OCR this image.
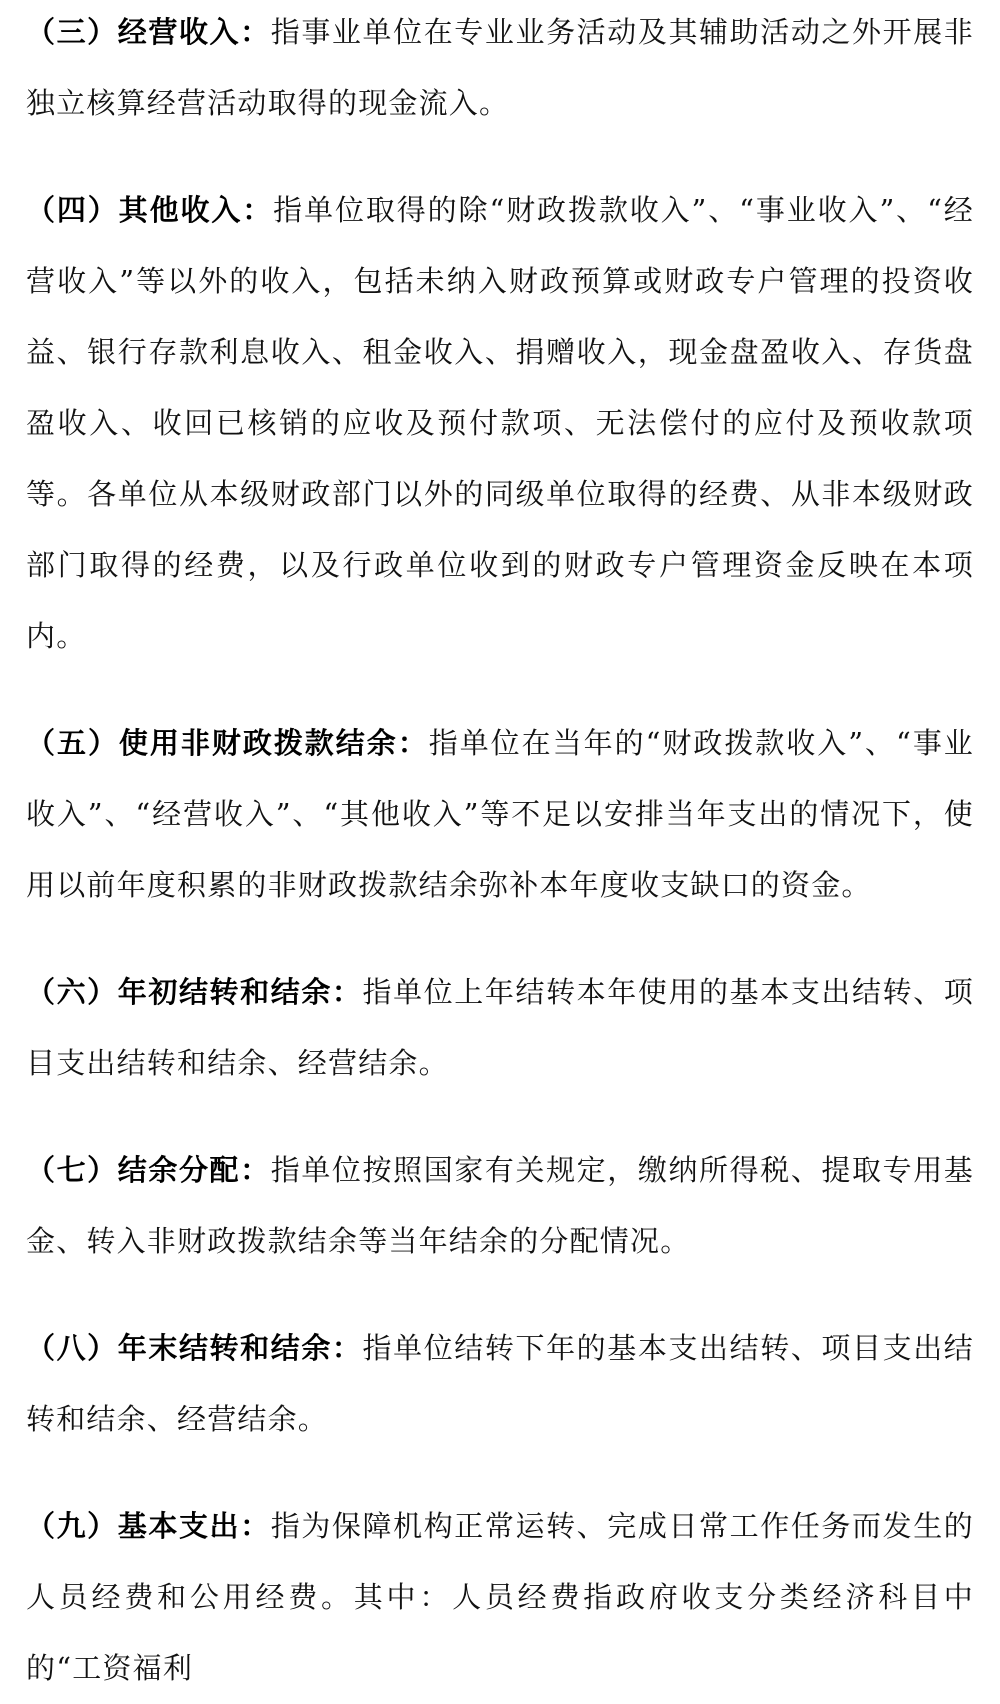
（三）经营收入：指事业单位在专业业务活动及其辅助活动之外开展非独立核算经营活动取得的现金流入。

（四）其他收入：指单位取得的除“财政拨款收入”、“事业收入”、“经营收入”等以外的收入，包括未纳入财政预算或财政专户管理的投资收益、银行存款利息收入、租金收入、捐赠收入，现金盘盈收入、存货盘盈收入、收回已核销的应收及预付款项、无法偿付的应付及预收款项等。各单位从本级财政部门以外的同级单位取得的经费、从非本级财政部门取得的经费，以及行政单位收到的财政专户管理资金反映在本项内。

（五）使用非财政拨款结余：指单位在当年的“财政拨款收入”、“事业收入”、“经营收入”、“其他收入”等不足以安排当年支出的情况下，使用以前年度积累的非财政拨款结余弥补本年度收支缺口的资金。

（六）年初结转和结余：指单位上年结转本年使用的基本支出结转、项目支出结转和结余、经营结余。

（七）结余分配：指单位按照国家有关规定，缴纳所得税、提取专用基金、转入非财政拨款结余等当年结余的分配情况。

（八）年末结转和结余：指单位结转下年的基本支出结转、项目支出结转和结余、经营结余。

（九）基本支出：指为保障机构正常运转、完成日常工作任务而发生的人员经费和公用经费。其中：人员经费指政府收支分类经济科目中的“工资福利
